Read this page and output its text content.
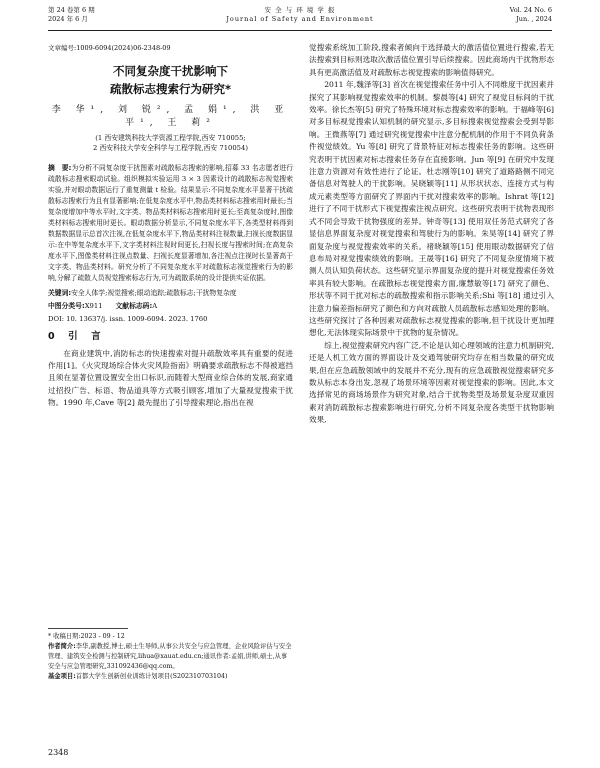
第 24 卷第 6 期
2024 年 6 月
安 全 与 环 境 学 报
Journal of Safety and Environment
Vol. 24 No. 6
Jun. , 2024
文章编号:1009-6094(2024)06-2348-09
不同复杂度干扰影响下
疏散标志搜索行为研究*
李 华¹, 刘 锐², 孟 娟¹, 洪 亚平¹, 王 莉²
(1 西安建筑科技大学资源工程学院,西安 710055;
2 西安科技大学安全科学与工程学院,西安 710054)
摘　要:为分析不同复杂度干扰图素对疏散标志搜索的影响,招募 33 名志愿者进行疏散标志搜索眼动试验。组织模拟实验运用 3 × 3 因素设计的疏散标志视觉搜索实验,并对眼动数据运行了重复测量 t 检验。结果显示:不同复杂度水平显著干扰疏散标志搜索行为且有显著影响;在低复杂度水平中,物品类材料标志搜索用时最长;当复杂度增加中等水平时,文字类、物品类材料标志搜索用时更长;至高复杂度时,图像类材料标志搜索用时更长。眼动数据分析显示,不同复杂度水平下,各类型材料得到数据数据显示总首次注视,在低复杂度水平下,物品类材料注视数量,扫视长度数据显示:在中等复杂度水平下,文字类材料注视时间更长,扫视长度与搜索时间;在高复杂度水平下,图像类材料注视点数量、扫视长度显著增加,各注视点注视时长显著高于文字类、物品类材料。研究分析了不同复杂度水平对疏散标志视觉搜索行为的影响,分解了疏散人员视觉搜索标志行为,可为疏散系统的设计提供实证依据。
关键词:安全人体学;视觉搜索;眼动追踪;疏散标志;干扰物复杂度
中图分类号:X911 文献标志码:A
DOI: 10. 13637/j. issn. 1009-6094. 2023. 1760
0　引　言

在商业建筑中,消防标志的快速搜索对提升疏散效率具有重要的促进作用[1]。《火灾现场综合体火灾风险指南》明确要求疏散标志不得被遮挡且须在显著位置设置安全出口标识,而随着大型商业综合体的发展,商家通过招投广告、标语、物品道具等方式吸引顾客,增加了大量视觉搜索干扰物。1990 年,Cave 等[2] 最先提出了引导搜索理论,指出在视

觉搜索系统加工阶段,搜索者倾向于选择最大的激活值位置进行搜索,若无法搜索到目标则选取次激活值位置引导后续搜索。因此商场内干扰物形态具有更高激活值及对疏散标志视觉搜索的影响值得研究。

2011 年,魏泽等[3] 首次在视觉搜索任务中引入不同维度干扰因素并探究了其影响视觉搜索效率的机制。黎晨等[4] 研究了视觉目标间的干扰效率。徐长杰等[5] 研究了特殊环境对标志搜索效率的影响。于福峰等[6] 对多目标视觉搜索认知机制的研究显示,多目标搜索视觉搜索会受到导影响。王微燕等[7] 通过研究视觉搜索中注意分配机制的作用于不同负荷条件视觉绩效。Yu 等[8] 研究了背景特征对标志搜索任务的影响。这些研究表明干扰因素对标志搜索任务存在直接影响。Jun 等[9] 在研究中发现注意力资源对有效性进行了论证。杜志刚等[10] 研究了道路路侧不同完备信息对驾驶人的干扰影响。吴晓颖等[11] 从形状状态、连接方式与构成元素类型等方面研究了界面内干扰对搜索效率的影响。Ishrat 等[12] 进行了不同干扰形式下视觉搜索注视点研究。这些研究表明干扰物表现形式不同会导致干扰物强度的差异。钟奇等[13] 使用双任务范式研究了各显信息界面复杂度对视觉搜索和驾驶行为的影响。朱昊等[14] 研究了界面复杂度与视觉搜索效率的关系。褚晓颖等[15] 使用眼动数据研究了信息布局对视觉搜索绩效的影响。王晟等[16] 研究了不同复杂度情境下被测人员认知负荷状态。这些研究显示界面复杂度的提升对视觉搜索任务效率具有较大影响。在疏散标志视觉搜索方面,廉慧敏等[17] 研究了颜色、形状等不同干扰对标志的疏散搜索和指示影响关系;Shi 等[18] 通过引入注意力偏差指标研究了颜色和方向对疏散人员疏散标志感知处理的影响。这些研究探讨了各种因素对疏散标志视觉搜索的影响,但干扰设计更加理想化,无法体现实际场景中干扰物的复杂情况。

综上,视觉搜索研究内容广泛,不论是认知心理领域的注意力机制研究,还是人机工效方面的界面设计及交通驾驶研究均存在相当数量的研究成果,但在应急疏散领域中的发展并不充分,现有的应急疏散视觉搜索研究多数从标志本身出发,忽视了场景环境等因素对视觉搜索的影响。因此,本文选择常见的商场场景作为研究对象,结合干扰物类型及场景复杂度双重因素对消防疏散标志搜索影响进行研究,分析不同复杂度各类型干扰物影响效果,

* 收稿日期:2023 - 09 - 12
作者简介:李华,副教授,博士,硕士生导师,从事公共安全与应急管理、企业风险评估与安全管理、建筑安全检测与控制研究,lihua@xauat.edu.cn;通讯作者:孟娟,讲师,硕士,从事安全与应急管理研究,331092436@qq.com。
基金项目:首都大学生创新创业训练计划项目(S202310703104)
2348
